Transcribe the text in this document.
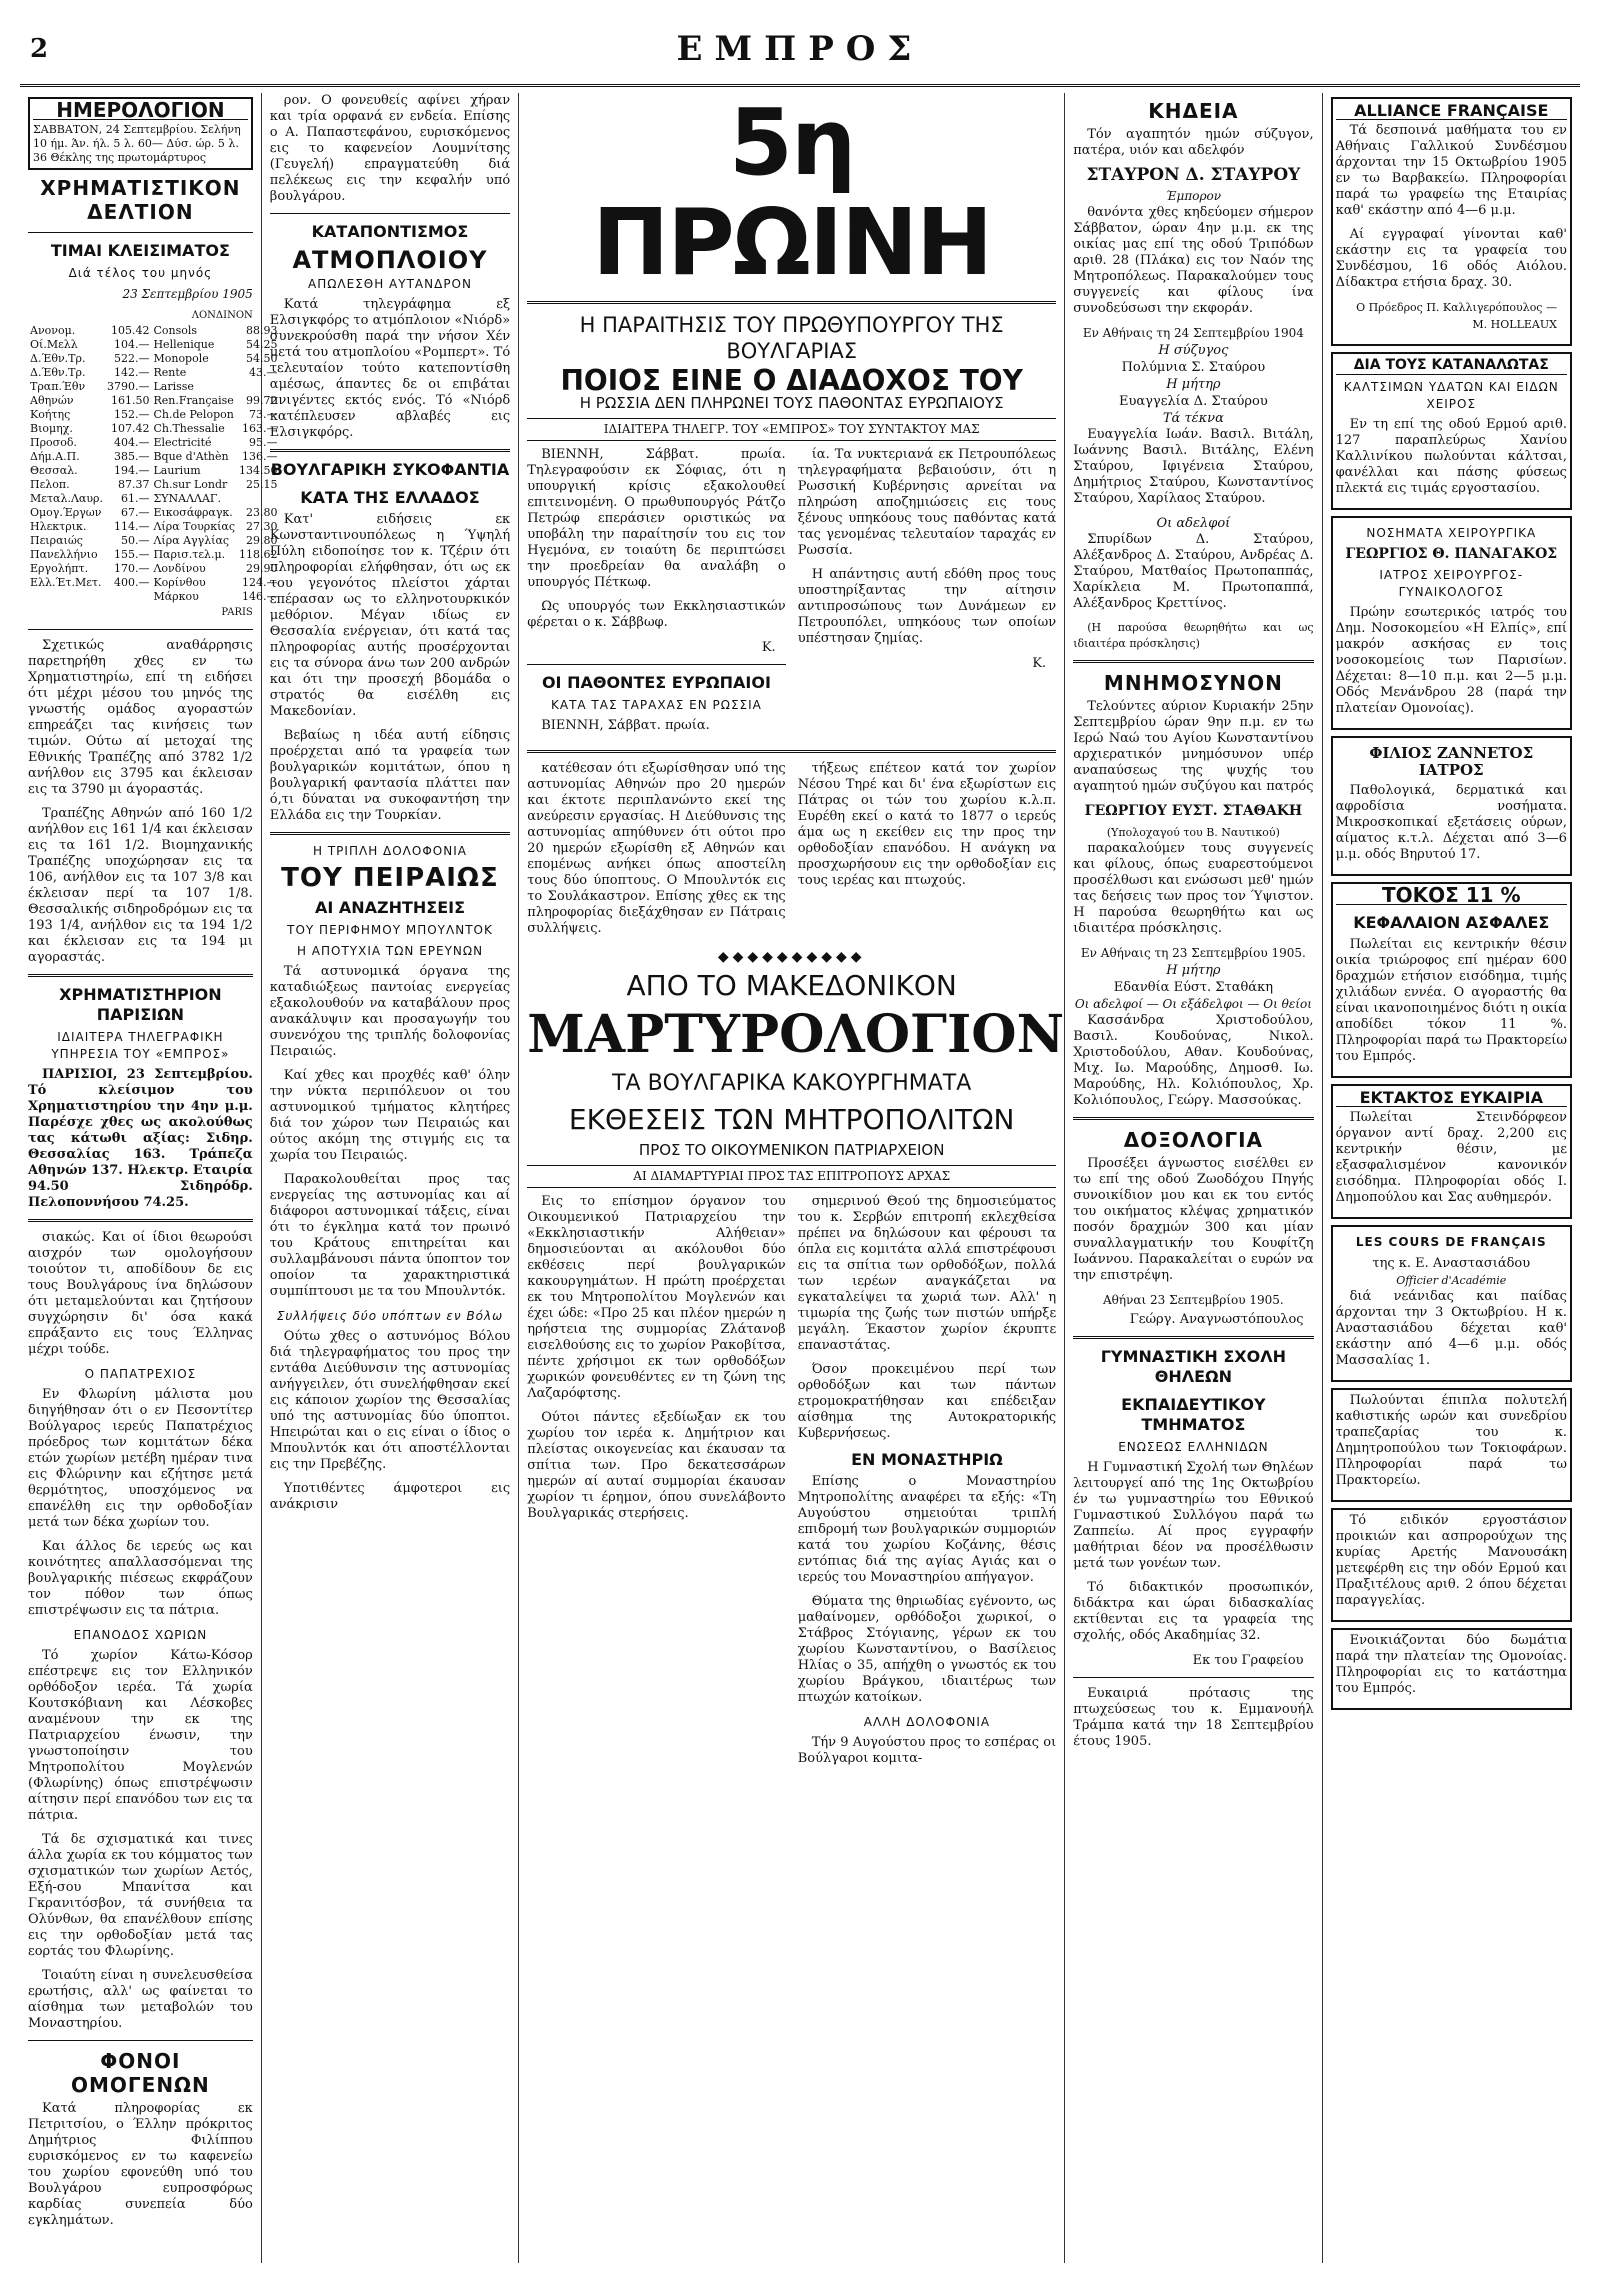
2	ΕΜΠΡΟΣ
ΗΜΕΡΟΛΟΓΙΟΝ
ΣΑΒΒΑΤΟΝ, 24 Σεπτεμβρίου. Σελήνη 10 ήμ. Άν. ήλ. 5 λ. 60— Δύσ. ώρ. 5 λ. 36 Θέκλης της πρωτομάρτυρος
ΧΡΗΜΑΤΙΣΤΙΚΟΝ ΔΕΛΤΙΟΝ
ΤΙΜΑΙ ΚΛΕΙΣΙΜΑΤΟΣ
Διά τέλος του μηνός
23 Σεπτεμβρίου 1905
ΛΟΝΔΙΝΟΝ
Ανονομ.	105.42	Consols	88.93
Οί.Μελλ	104.—	Hellenique	54.25
Δ.Έθν.Τρ.	522.—	Monopole	54.50
Δ.Έθν.Τρ.	142.—	Rente	43.—
Τραπ.Έθν	3790.—	Larisse	
Αθηνών	161.50	Ren.Française	99.72
Κοήτης	152.—	Ch.de Pelopon	73.—
Βιομηχ.	107.42	Ch.Thessalie	163.—
Προσοδ.	404.—	Electricité	95.—
Δήμ.Α.Π.	385.—	Bque d'Athèn	136.—
Θεσσαλ.	194.—	Laurium	134.50
Πελοπ.	87.37	Ch.sur Londr	25.15
Μεταλ.Λαυρ.	61.—	ΣΥΝΑΛΛΑΓ.	
Ομογ.Έργων	67.—	Εικοσάφραγκ.	23.80
Ηλεκτρικ.	114.—	Λίρα Τουρκίας	27.30
Πειραιώς	50.—	Λίρα Αγγλίας	29.80
Πανελλήνιο	155.—	Παρισ.τελ.μ.	118.62
Εργολήπτ.	170.—	Λονδίνου	29.90
Ελλ.Έτ.Μετ.	400.—	Κορίνθου	124.—
		Μάρκου	146.—
PARIS

Σχετικώς αναθάρρησις παρετηρήθη χθες εν τω Χρηματιστηρίω, επί τη ειδήσει ότι μέχρι μέσου του μηνός της γνωστής ομάδος αγοραστών επηρεάζει τας κινήσεις των τιμών. Ούτω αί μετοχαί της Εθνικής Τραπέζης από 3782 1/2 ανήλθον εις 3795 και έκλεισαν εις τα 3790 μι άγοραστάς.

Τραπέζης Αθηνών από 160 1/2 ανήλθον εις 161 1/4 και έκλεισαν εις τα 161 1/2. Βιομηχανικής Τραπέζης υποχώρησαν εις τα 106, ανήλθον εις τα 107 3/8 και έκλεισαν περί τα 107 1/8. Θεσσαλικής σιδηροδρόμων εις τα 193 1/4, ανήλθον εις τα 194 1/2 και έκλεισαν εις τα 194 μι αγοραστάς.

ΧΡΗΜΑΤΙΣΤΗΡΙΟΝ ΠΑΡΙΣΙΩΝ
ΙΔΙΑΙΤΕΡΑ ΤΗΛΕΓΡΑΦΙΚΗ ΥΠΗΡΕΣΙΑ ΤΟΥ «ΕΜΠΡΟΣ»

ΠΑΡΙΣΙΟΙ, 23 Σεπτεμβρίου. Τό κλείσιμον του Χρηματιστηρίου την 4ην μ.μ. Παρέσχε χθες ως ακολούθως τας κάτωθι αξίας: Σιδηρ. Θεσσαλίας 163. Τράπεζα Αθηνών 137. Ηλεκτρ. Εταιρία 94.50 Σιδηρόδρ. Πελοποννήσου 74.25.

σιακώς. Και οί ίδιοι θεωρούσι αισχρόν των ομολογήσουν τοιούτον τι, αποδίδουν δε εις τους Βουλγάρους ίνα δηλώσουν ότι μεταμελούνται και ζητήσουν συγχώρησιν δι' όσα κακά επράξαντο εις τους Έλληνας μέχρι τούδε.

Ο ΠΑΠΑΤΡΕΧΙΟΣ

Εν Φλωρίνη μάλιστα μου διηγήθησαν ότι ο εν Πεσοντίτερ Βούλγαρος ιερεύς Παπατρέχιος πρόεδρος των κομιτάτων δέκα ετών χωρίων μετέβη ημέραν τινα εις Φλώρινην και εζήτησε μετά θερμότητος, υποσχόμενος να επανέλθη εις την ορθοδοξίαν μετά των δέκα χωρίων του.

Και άλλος δε ιερεύς ως και κοινότητες απαλλασσόμεναι της βουλγαρικής πιέσεως εκφράζουν τον πόθον των όπως επιστρέψωσιν εις τα πάτρια.

ΕΠΑΝΟΔΟΣ ΧΩΡΙΩΝ

Τό χωρίον Κάτω-Κόσορ επέστρεψε εις τον Ελληνικόν ορθόδοξον ιερέα. Τά χωρία Κουτσκόβιανη και Λέσκοβες αναμένουν την εκ της Πατριαρχείου ένωσιν, την γνωστοποίησιν του Μητροπολίτου Μογλενών (Φλωρίνης) όπως επιστρέψωσιν αίτησιν περί επανόδου των εις τα πάτρια.

Τά δε σχισματικά και τινες άλλα χωρία εκ του κόμματος των σχισματικών των χωρίων Αετός, Εξή-σου Μπανίτσα και Γκρανιτόσβον, τά συνήθεια τα Ολύνθων, θα επανέλθουν επίσης εις την ορθοδοξίαν μετά τας εορτάς του Φλωρίνης.

Τοιαύτη είναι η συνελευσθείσα ερωτήσις, αλλ' ως φαίνεται το αίσθημα των μεταβολών του Μοναστηρίου.

ΦΟΝΟΙ ΟΜΟΓΕΝΩΝ

Κατά πληροφορίας εκ Πετριτσίου, ο Έλλην πρόκριτος Δημήτριος Φιλίππου ευρισκόμενος εν τω καφενείω του χωρίου εφονεύθη υπό του Βουλγάρου ευπροσφόρως καρδίας συνεπεία δύο εγκλημάτων.

ρον. Ο φονευθείς αφίνει χήραν και τρία ορφανά εν ενδεία. Επίσης ο Α. Παπαστεφάνου, ευρισκόμενος εις το καφενείον Λουμνίτσης (Γευγελή) επραγματεύθη διά πελέκεως εις την κεφαλήν υπό βουλγάρου.

ΚΑΤΑΠΟΝΤΙΣΜΟΣ
ΑΤΜΟΠΛΟΙΟΥ
ΑΠΩΛΕΣΘΗ ΑΥΤΑΝΔΡΟΝ

Κατά τηλεγράφημα εξ Ελσιγκφόρς το ατμόπλοιον «Νιόρδ» συνεκρούσθη παρά την νήσον Χέν μετά του ατμοπλοίου «Ρομπερτ». Τό τελευταίον τούτο κατεποντίσθη αμέσως, άπαντες δε οι επιβάται πνιγέντες εκτός ενός. Τό «Νιόρδ κατέπλευσεν αβλαβές εις Ελσιγκφόρς.

ΒΟΥΛΓΑΡΙΚΗ ΣΥΚΟΦΑΝΤΙΑ
ΚΑΤΑ ΤΗΣ ΕΛΛΑΔΟΣ

Κατ' ειδήσεις εκ Κωνσταντινουπόλεως η Ύψηλή Πύλη ειδοποίησε τον κ. Τζέριν ότι πληροφορίαι ελήφθησαν, ότι ως εκ του γεγονότος πλείστοι χάρται επέρασαν ως το ελληνοτουρκικόν μεθόριον. Μέγαν ιδίως εν Θεσσαλία ενέργειαν, ότι κατά τας πληροφορίας αυτής προσέρχονται εις τα σύνορα άνω των 200 ανδρών και ότι την προσεχή βδομάδα ο στρατός θα εισέλθη εις Μακεδονίαν.

Βεβαίως η ιδέα αυτή είδησις προέρχεται από τα γραφεία των βουλγαρικών κομιτάτων, όπου η βουλγαρική φαντασία πλάττει παν ό,τι δύναται να συκοφαντήση την Ελλάδα εις την Τουρκίαν.

Η ΤΡΙΠΛΗ ΔΟΛΟΦΟΝΙΑ
ΤΟΥ ΠΕΙΡΑΙΩΣ
ΑΙ ΑΝΑΖΗΤΗΣΕΙΣ
ΤΟΥ ΠΕΡΙΦΗΜΟΥ ΜΠΟΥΛΝΤΟΚ
Η ΑΠΟΤΥΧΙΑ ΤΩΝ ΕΡΕΥΝΩΝ

Τά αστυνομικά όργανα της καταδιώξεως παντοίας ενεργείας εξακολουθούν να καταβάλουν προς ανακάλυψιν και προσαγωγήν του συνενόχου της τριπλής δολοφονίας Πειραιώς.

Καί χθες και προχθές καθ' όλην την νύκτα περιπόλευον οι του αστυνομικού τμήματος κλητήρες διά τον χώρον των Πειραιώς και ούτος ακόμη της στιγμής εις τα χωρία του Πειραιώς.

Παρακολουθείται προς τας ενεργείας της αστυνομίας και αί διάφοροι αστυνομικαί τάξεις, είναι ότι το έγκλημα κατά τον πρωινό του Κράτους επιτηρείται και συλλαμβάνουσι πάντα ύποπτον τον οποίον τα χαρακτηριστικά συμπίπτουσι με τα του Μπουλντόκ.

Συλλήψεις δύο υπόπτων εν Βόλω

Ούτω χθες ο αστυνόμος Βόλου διά τηλεγραφήματος του προς την εντάθα Διεύθυνσιν της αστυνομίας ανήγγειλεν, ότι συνελήφθησαν εκεί εις κάποιον χωρίον της Θεσσαλίας υπό της αστυνομίας δύο ύποπτοι. Ηπειρώται και ο εις είναι ο ίδιος ο Μπουλντόκ και ότι αποστέλλονται εις την Πρεβέζης.

Υποτιθέντες άμφοτεροι εις ανάκρισιν

5η ΠΡΩΙΝΗ
Η ΠΑΡΑΙΤΗΣΙΣ ΤΟΥ ΠΡΩΘΥΠΟΥΡΓΟΥ ΤΗΣ ΒΟΥΛΓΑΡΙΑΣ
ΠΟΙΟΣ ΕΙΝΕ Ο ΔΙΑΔΟΧΟΣ ΤΟΥ
Η ΡΩΣΣΙΑ ΔΕΝ ΠΛΗΡΩΝΕΙ ΤΟΥΣ ΠΑΘΟΝΤΑΣ ΕΥΡΩΠΑΙΟΥΣ
ΙΔΙΑΙΤΕΡΑ ΤΗΛΕΓΡ. ΤΟΥ «ΕΜΠΡΟΣ» ΤΟΥ ΣΥΝΤΑΚΤΟΥ ΜΑΣ

ΒΙΕΝΝΗ, Σάββατ. πρωία. Τηλεγραφούσιν εκ Σόφιας, ότι η υπουργική κρίσις εξακολουθεί επιτεινομένη. Ο πρωθυπουργός Ράτζο Πετρώφ επεράσιεν οριστικώς να υποβάλη την παραίτησίν του εις τον Ηγεμόνα, εν τοιαύτη δε περιπτώσει την προεδρείαν θα αναλάβη ο υπουργός Πέτκωφ.

Ως υπουργός των Εκκλησιαστικών φέρεται ο κ. Σάββωφ.

Κ.
ΟΙ ΠΑΘΟΝΤΕΣ ΕΥΡΩΠΑΙΟΙ
ΚΑΤΑ ΤΑΣ ΤΑΡΑΧΑΣ ΕΝ ΡΩΣΣΙΑ

ΒΙΕΝΝΗ, Σάββατ. πρωία.

ία. Τα νυκτεριανά εκ Πετρουπόλεως τηλεγραφήματα βεβαιούσιν, ότι η Ρωσσική Κυβέρνησις αρνείται να πληρώση αποζημιώσεις εις τους ξένους υπηκόους τους παθόντας κατά τας γενομένας τελευταίον ταραχάς εν Ρωσσία.

Η απάντησις αυτή εδόθη προς τους υποστηρίξαντας την αίτησιν αντιπροσώπους των Δυνάμεων εν Πετρουπόλει, υπηκόους των οποίων υπέστησαν ζημίας.

Κ.

κατέθεσαν ότι εξωρίσθησαν υπό της αστυνομίας Αθηνών προ 20 ημερών και έκτοτε περιπλανώντο εκεί της ανεύρεσιν εργασίας. Η Διεύθυνσις της αστυνομίας απηύθυνεν ότι ούτοι προ 20 ημερών εξωρίσθη εξ Αθηνών και επομένως ανήκει όπως αποστείλη τους δύο ύποπτους. Ο Μπουλντόκ εις το Σουλάκαστρον. Επίσης χθες εκ της πληροφορίας διεξάχθησαν εν Πάτραις συλλήψεις.

τήξεως επέτεον κατά τον χωρίον Νέσου Τηρέ και δι' ένα εξωρίστων εις Πάτρας οι τών του χωρίου κ.λ.π. Ευρέθη εκεί ο κατά το 1877 ο ιερεύς άμα ως η εκείθεν εις την προς την ορθοδοξίαν επανόδου. Η ανάγκη να προσχωρήσουν εις την ορθοδοξίαν εις τους ιερέας και πτωχούς.

◆◆◆◆◆◆◆◆◆◆
ΑΠΟ ΤΟ ΜΑΚΕΔΟΝΙΚΟΝ
ΜΑΡΤΥΡΟΛΟΓΙΟΝ
ΤΑ ΒΟΥΛΓΑΡΙΚΑ ΚΑΚΟΥΡΓΗΜΑΤΑ
ΕΚΘΕΣΕΙΣ ΤΩΝ ΜΗΤΡΟΠΟΛΙΤΩΝ
ΠΡΟΣ ΤΟ ΟΙΚΟΥΜΕΝΙΚΟΝ ΠΑΤΡΙΑΡΧΕΙΟΝ
ΑΙ ΔΙΑΜΑΡΤΥΡΙΑΙ ΠΡΟΣ ΤΑΣ ΕΠΙΤΡΟΠΟΥΣ ΑΡΧΑΣ

Εις το επίσημον όργανον του Οικουμενικού Πατριαρχείου την «Εκκλησιαστικήν Αλήθειαν» δημοσιεύονται αι ακόλουθοι δύο εκθέσεις περί βουλγαρικών κακουργημάτων. Η πρώτη προέρχεται εκ του Μητροπολίτου Μογλενών και έχει ώδε: «Προ 25 και πλέον ημερών η ηρήστεια της συμμορίας Ζλάτανοβ εισελθούσης εις το χωρίον Ρακοβίτσα, πέντε χρήσιμοι εκ των ορθοδόξων χωρικών φονευθέντες εν τη ζώνη της Λαζαρόφτσης.

Ούτοι πάντες εξεδίωξαν εκ του χωρίου τον ιερέα κ. Δημήτριον και πλείστας οικογενείας και έκαυσαν τα σπίτια των. Προ δεκατεσσάρων ημερών αί αυταί συμμορίαι έκαυσαν χωρίον τι έρημον, όπου συνελάβοντο Βουλγαρικάς στερήσεις.

σημερινού Θεού της δημοσιεύματος του κ. Σερβών επιτροπή εκλεχθείσα πρέπει να δηλώσουν και φέρουσι τα όπλα εις κομιτάτα αλλά επιστρέφουσι εις τα σπίτια των ορθοδόξων, πολλά των ιερέων αναγκάζεται να εγκαταλείψει τα χωριά των. Αλλ' η τιμωρία της ζωής των πιστών υπήρξε μεγάλη. Έκαστον χωρίον έκρυπτε επαναστάτας.

Όσον προκειμένου περί των ορθοδόξων και των πάντων ετρομοκρατήθησαν και επέδειξαν αίσθημα της Αυτοκρατορικής Κυβερνήσεως.

ΕΝ ΜΟΝΑΣΤΗΡΙΩ

Επίσης ο Μοναστηρίου Μητροπολίτης αναφέρει τα εξής: «Τη Αυγούστου σημειούται τριπλή επιδρομή των βουλγαρικών συμμοριών κατά του χωρίου Κοζάνης, θέσις εντόπιας διά της αγίας Αγιάς και ο ιερεύς του Μοναστηρίου απήγαγον.

Θύματα της θηριωδίας εγένοντο, ως μαθαίνομεν, ορθόδοξοι χωρικοί, ο Στάβρος Στόγιανης, γέρων εκ του χωρίου Κωνσταντίνου, ο Βασίλειος Ηλίας ο 35, απήχθη ο γνωστός εκ του χωρίου Βράγκου, ιδιαιτέρως των πτωχών κατοίκων.

ΑΛΛΗ ΔΟΛΟΦΟΝΙΑ

Τήν 9 Αυγούστου προς το εσπέρας οι Βούλγαροι κομιτα-

ΚΗΔΕΙΑ

Τόν αγαπητόν ημών σύζυγον, πατέρα, υιόν και αδελφόν

ΣΤΑΥΡΟΝ Δ. ΣΤΑΥΡΟΥ
Έμπορον

θανόντα χθες κηδεύομεν σήμερον Σάββατον, ώραν 4ην μ.μ. εκ της οικίας μας επί της οδού Τριπόδων αριθ. 28 (Πλάκα) εις τον Ναόν της Μητροπόλεως. Παρακαλούμεν τους συγγενείς και φίλους ίνα συνοδεύσωσι την εκφοράν.

Εν Αθήναις τη 24 Σεπτεμβρίου 1904
Η σύζυγος
Πολύμνια Σ. Σταύρου
Η μήτηρ
Ευαγγελία Δ. Σταύρου
Τά τέκνα

Ευαγγελία Ιωάν. Βασιλ. Βιτάλη, Ιωάννης Βασιλ. Βιτάλης, Ελένη Σταύρου, Ιφιγένεια Σταύρου, Δημήτριος Σταύρου, Κωνσταντίνος Σταύρου, Χαρίλαος Σταύρου.

Οι αδελφοί

Σπυρίδων Δ. Σταύρου, Αλέξανδρος Δ. Σταύρου, Ανδρέας Δ. Σταύρου, Ματθαίος Πρωτοπαππάς, Χαρίκλεια Μ. Πρωτοπαππά, Αλέξανδρος Κρεττίνος.

(Η παρούσα θεωρηθήτω και ως ιδιαιτέρα πρόσκλησις)

ΜΝΗΜΟΣΥΝΟΝ

Τελούντες αύριον Κυριακήν 25ην Σεπτεμβρίου ώραν 9ην π.μ. εν τω Ιερώ Ναώ του Αγίου Κωνσταντίνου αρχιερατικόν μνημόσυνον υπέρ αναπαύσεως της ψυχής του αγαπητού ημών συζύγου και πατρός

ΓΕΩΡΓΙΟΥ ΕΥΣΤ. ΣΤΑΘΑΚΗ
(Υπολοχαγού του Β. Ναυτικού)

παρακαλούμεν τους συγγενείς και φίλους, όπως ευαρεστούμενοι προσέλθωσι και ενώσωσι μεθ' ημών τας δεήσεις των προς τον Ύψιστον. Η παρούσα θεωρηθήτω και ως ιδιαιτέρα πρόσκλησις.

Εν Αθήναις τη 23 Σεπτεμβρίου 1905.
Η μήτηρ
Εδανθία Εύστ. Σταθάκη
Οι αδελφοί — Οι εξάδελφοι — Οι θείοι

Κασσάνδρα Χριστοδούλου, Βασιλ. Κουδούνας, Νικολ. Χριστοδούλου, Αθαν. Κουδούνας, Μιχ. Ιω. Μαρούδης, Δημοσθ. Ιω. Μαρούδης, Ηλ. Κολιόπουλος, Χρ. Κολιόπουλος, Γεώργ. Μασσούκας.

ΔΟΞΟΛΟΓΙΑ

Προσέξει άγνωστος εισέλθει εν τω επί της οδού Ζωοδόχου Πηγής συνοικίδιον μου και εκ του εντός του οικήματος κλέψας χρηματικόν ποσόν δραχμών 300 και μίαν συναλλαγματικήν του Κουφίτζη Ιωάννου. Παρακαλείται ο ευρών να την επιστρέψη.

Αθήναι 23 Σεπτεμβρίου 1905.
Γεώργ. Αναγνωστόπουλος
ΓΥΜΝΑΣΤΙΚΗ ΣΧΟΛΗ ΘΗΛΕΩΝ
ΕΚΠΑΙΔΕΥΤΙΚΟΥ ΤΜΗΜΑΤΟΣ
ΕΝΩΣΕΩΣ ΕΛΛΗΝΙΔΩΝ

Η Γυμναστική Σχολή των Θηλέων λειτουργεί από της 1ης Οκτωβρίου έν τω γυμναστηρίω του Εθνικού Γυμναστικού Συλλόγου παρά τω Ζαππείω. Αί προς εγγραφήν μαθήτριαι δέον να προσέλθωσιν μετά των γονέων των.

Τό διδακτικόν προσωπικόν, διδάκτρα και ώραι διδασκαλίας εκτίθενται εις τα γραφεία της σχολής, οδός Ακαδημίας 32.

Εκ του Γραφείου

Ευκαιριά πρότασις της πτωχεύσεως του κ. Εμμανουήλ Τράμπα κατά την 18 Σεπτεμβρίου έτους 1905.

ALLIANCE FRANÇAISE

Τά δεσποινά μαθήματα του εν Αθήναις Γαλλικού Συνδέσμου άρχονται την 15 Οκτωβρίου 1905 εν τω Βαρβακείω. Πληροφορίαι παρά τω γραφείω της Εταιρίας καθ' εκάστην από 4—6 μ.μ.

Αί εγγραφαί γίνονται καθ' εκάστην εις τα γραφεία του Συνδέσμου, 16 οδός Αιόλου. Δίδακτρα ετήσια δραχ. 30.

Ο Πρόεδρος Π. Καλλιγερόπουλος — Μ. HOLLEAUX
ΔΙΑ ΤΟΥΣ ΚΑΤΑΝΑΛΩΤΑΣ
ΚΑΛΤΣΙΜΩΝ ΥΔΑΤΩΝ ΚΑΙ ΕΙΔΩΝ ΧΕΙΡΟΣ

Εν τη επί της οδού Ερμού αριθ. 127 παραπλεύρως Χανίου Καλλινίκου πωλούνται κάλτσαι, φανέλλαι και πάσης φύσεως πλεκτά εις τιμάς εργοστασίου.

ΝΟΣΗΜΑΤΑ ΧΕΙΡΟΥΡΓΙΚΑ
ΓΕΩΡΓΙΟΣ Θ. ΠΑΝΑΓΑΚΟΣ
ΙΑΤΡΟΣ ΧΕΙΡΟΥΡΓΟΣ-ΓΥΝΑΙΚΟΛΟΓΟΣ

Πρώην εσωτερικός ιατρός του Δημ. Νοσοκομείου «Η Ελπίς», επί μακρόν ασκήσας εν τοις νοσοκομείοις των Παρισίων. Δέχεται: 8—10 π.μ. και 2—5 μ.μ. Οδός Μενάνδρου 28 (παρά την πλατείαν Ομονοίας).

ΦΙΛΙΟΣ ΖΑΝΝΕΤΟΣ ΙΑΤΡΟΣ

Παθολογικά, δερματικά και αφροδίσια νοσήματα. Μικροσκοπικαί εξετάσεις ούρων, αίματος κ.τ.λ. Δέχεται από 3—6 μ.μ. οδός Βηρυτού 17.

ΤΟΚΟΣ 11 %
ΚΕΦΑΛΑΙΟΝ ΑΣΦΑΛΕΣ

Πωλείται εις κεντρικήν θέσιν οικία τριώροφος επί ημέραν 600 δραχμών ετήσιον εισόδημα, τιμής χιλιάδων εννέα. Ο αγοραστής θα είναι ικανοποιημένος διότι η οικία αποδίδει τόκον 11 %. Πληροφορίαι παρά τω Πρακτορείω του Εμπρός.

ΕΚΤΑΚΤΟΣ ΕΥΚΑΙΡΙΑ

Πωλείται Στεινδόρφεον όργανον αντί δραχ. 2,200 εις κεντρικήν θέσιν, με εξασφαλισμένον κανονικόν εισόδημα. Πληροφορίαι οδός Ι. Δημοπούλου και Σας αυθημερόν.

LES COURS DE FRANÇAIS
της κ. Ε. Αναστασιάδου
Officier d'Académie

διά νεάνιδας και παίδας άρχονται την 3 Οκτωβρίου. Η κ. Αναστασιάδου δέχεται καθ' εκάστην από 4—6 μ.μ. οδός Μασσαλίας 1.

Πωλούνται έπιπλα πολυτελή καθιστικής ωρών και συνεδρίου τραπεζαρίας του κ. Δημητροπούλου των Τοκιοφάρων. Πληροφορίαι παρά τω Πρακτορείω.

Τό ειδικόν εργοστάσιον προικιών και ασπρορούχων της κυρίας Αρετής Μανουσάκη μετεφέρθη εις την οδόν Ερμού και Πραξιτέλους αριθ. 2 όπου δέχεται παραγγελίας.

Ενοικιάζονται δύο δωμάτια παρά την πλατείαν της Ομονοίας. Πληροφορίαι εις το κατάστημα του Εμπρός.
